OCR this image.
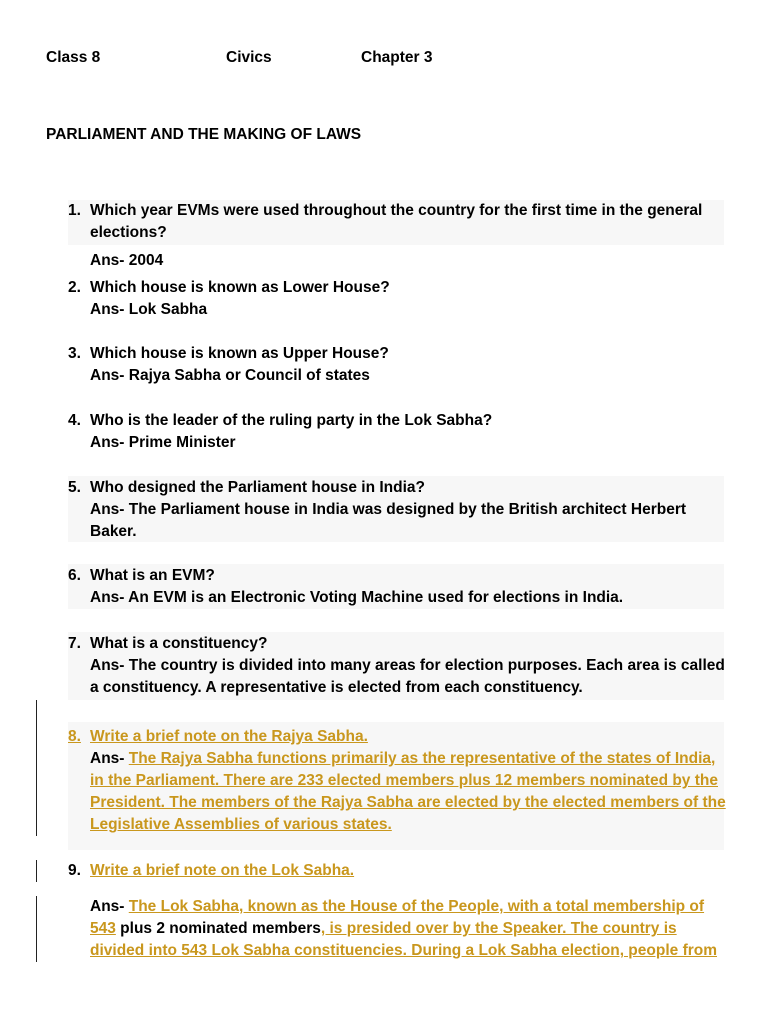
Class 8	Civics	Chapter 3
PARLIAMENT AND THE MAKING OF LAWS
1. Which year EVMs were used throughout the country for the first time in the general elections?
Ans- 2004
2. Which house is known as Lower House?
Ans- Lok Sabha
3. Which house is known as Upper House?
Ans- Rajya Sabha or Council of states
4. Who is the leader of the ruling party in the Lok Sabha?
Ans- Prime Minister
5. Who designed the Parliament house in India?
Ans- The Parliament house in India was designed by the British architect Herbert Baker.
6. What is an EVM?
Ans- An EVM is an Electronic Voting Machine used for elections in India.
7. What is a constituency?
Ans- The country is divided into many areas for election purposes. Each area is called a constituency. A representative is elected from each constituency.
8. Write a brief note on the Rajya Sabha.
Ans- The Rajya Sabha functions primarily as the representative of the states of India, in the Parliament. There are 233 elected members plus 12 members nominated by the President. The members of the Rajya Sabha are elected by the elected members of the Legislative Assemblies of various states.
9. Write a brief note on the Lok Sabha.
Ans- The Lok Sabha, known as the House of the People, with a total membership of 543 plus 2 nominated members, is presided over by the Speaker. The country is divided into 543 Lok Sabha constituencies. During a Lok Sabha election, people from
